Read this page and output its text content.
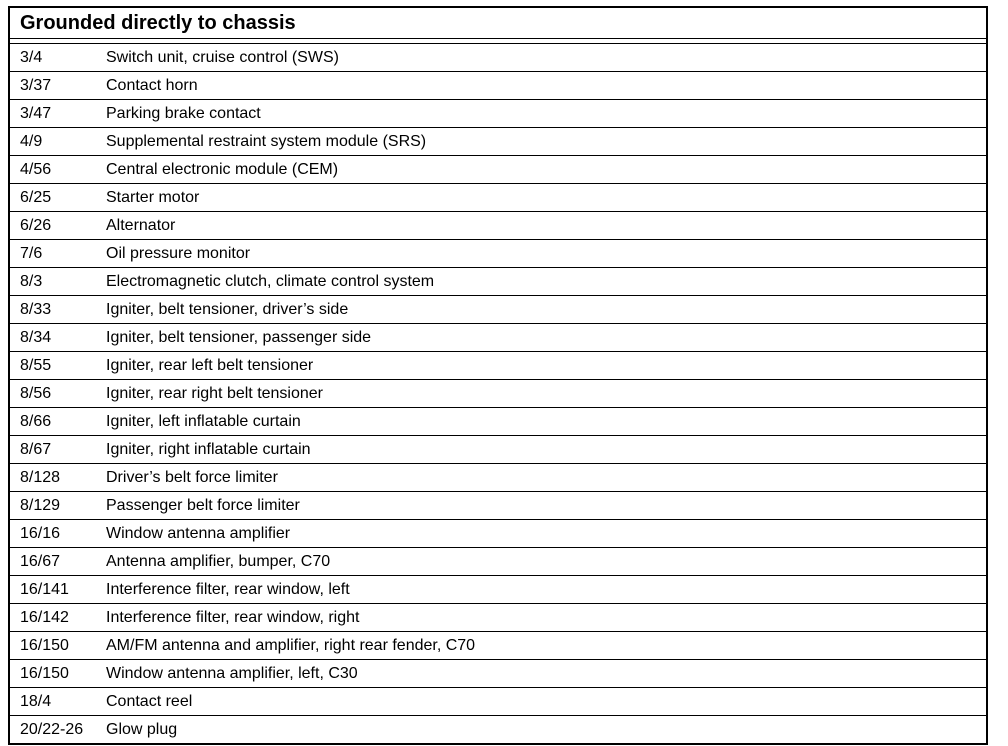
Grounded directly to chassis
3/4	Switch unit, cruise control (SWS)
3/37	Contact horn
3/47	Parking brake contact
4/9	Supplemental restraint system module (SRS)
4/56	Central electronic module (CEM)
6/25	Starter motor
6/26	Alternator
7/6	Oil pressure monitor
8/3	Electromagnetic clutch, climate control system
8/33	Igniter, belt tensioner, driver’s side
8/34	Igniter, belt tensioner, passenger side
8/55	Igniter, rear left belt tensioner
8/56	Igniter, rear right belt tensioner
8/66	Igniter, left inflatable curtain
8/67	Igniter, right inflatable curtain
8/128	Driver’s belt force limiter
8/129	Passenger belt force limiter
16/16	Window antenna amplifier
16/67	Antenna amplifier, bumper, C70
16/141	Interference filter, rear window, left
16/142	Interference filter, rear window, right
16/150	AM/FM antenna and amplifier, right rear fender, C70
16/150	Window antenna amplifier, left, C30
18/4	Contact reel
20/22-26	Glow plug
